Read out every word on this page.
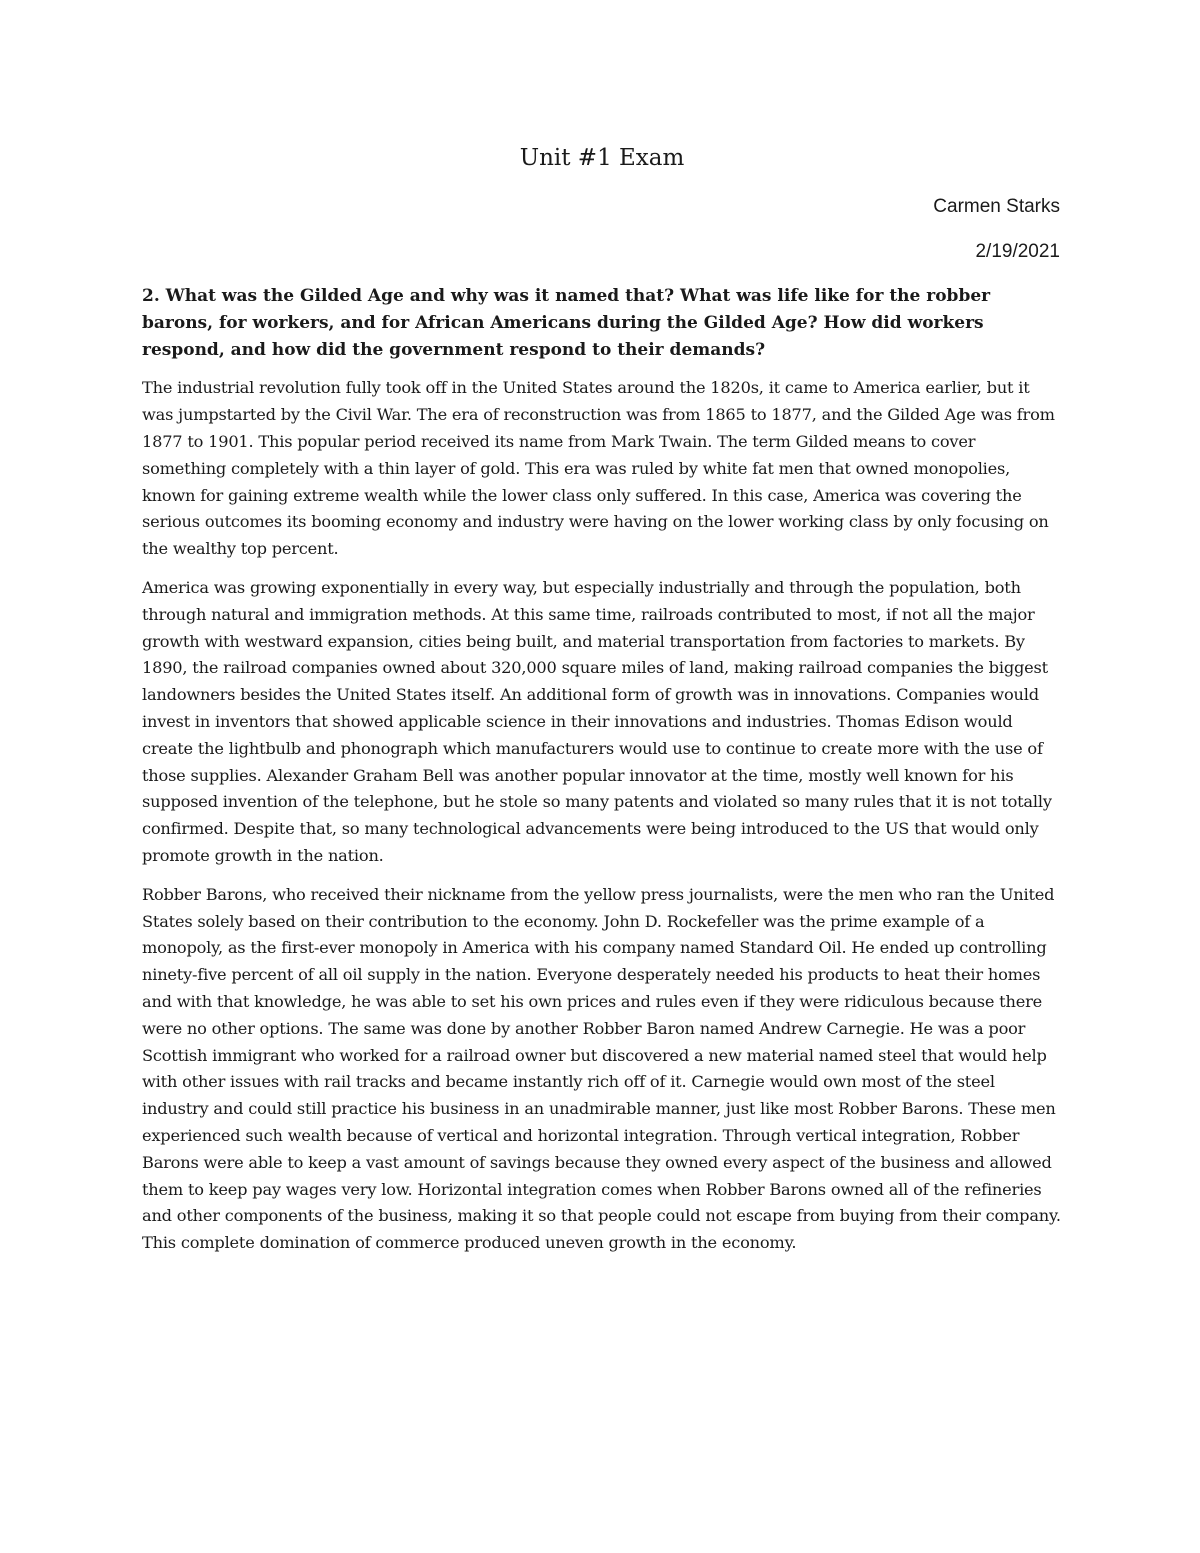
Unit #1 Exam
Carmen Starks
2/19/2021

2. What was the Gilded Age and why was it named that? What was life like for the robber barons, for workers, and for African Americans during the Gilded Age? How did workers respond, and how did the government respond to their demands?

The industrial revolution fully took off in the United States around the 1820s, it came to America earlier, but it was jumpstarted by the Civil War. The era of reconstruction was from 1865 to 1877, and the Gilded Age was from 1877 to 1901. This popular period received its name from Mark Twain. The term Gilded means to cover something completely with a thin layer of gold. This era was ruled by white fat men that owned monopolies, known for gaining extreme wealth while the lower class only suffered. In this case, America was covering the serious outcomes its booming economy and industry were having on the lower working class by only focusing on the wealthy top percent.

America was growing exponentially in every way, but especially industrially and through the population, both through natural and immigration methods. At this same time, railroads contributed to most, if not all the major growth with westward expansion, cities being built, and material transportation from factories to markets. By 1890, the railroad companies owned about 320,000 square miles of land, making railroad companies the biggest landowners besides the United States itself. An additional form of growth was in innovations. Companies would invest in inventors that showed applicable science in their innovations and industries. Thomas Edison would create the lightbulb and phonograph which manufacturers would use to continue to create more with the use of those supplies. Alexander Graham Bell was another popular innovator at the time, mostly well known for his supposed invention of the telephone, but he stole so many patents and violated so many rules that it is not totally confirmed. Despite that, so many technological advancements were being introduced to the US that would only promote growth in the nation.

Robber Barons, who received their nickname from the yellow press journalists, were the men who ran the United States solely based on their contribution to the economy. John D. Rockefeller was the prime example of a monopoly, as the first-ever monopoly in America with his company named Standard Oil. He ended up controlling ninety-five percent of all oil supply in the nation. Everyone desperately needed his products to heat their homes and with that knowledge, he was able to set his own prices and rules even if they were ridiculous because there were no other options. The same was done by another Robber Baron named Andrew Carnegie. He was a poor Scottish immigrant who worked for a railroad owner but discovered a new material named steel that would help with other issues with rail tracks and became instantly rich off of it. Carnegie would own most of the steel industry and could still practice his business in an unadmirable manner, just like most Robber Barons. These men experienced such wealth because of vertical and horizontal integration. Through vertical integration, Robber Barons were able to keep a vast amount of savings because they owned every aspect of the business and allowed them to keep pay wages very low. Horizontal integration comes when Robber Barons owned all of the refineries and other components of the business, making it so that people could not escape from buying from their company. This complete domination of commerce produced uneven growth in the economy.
